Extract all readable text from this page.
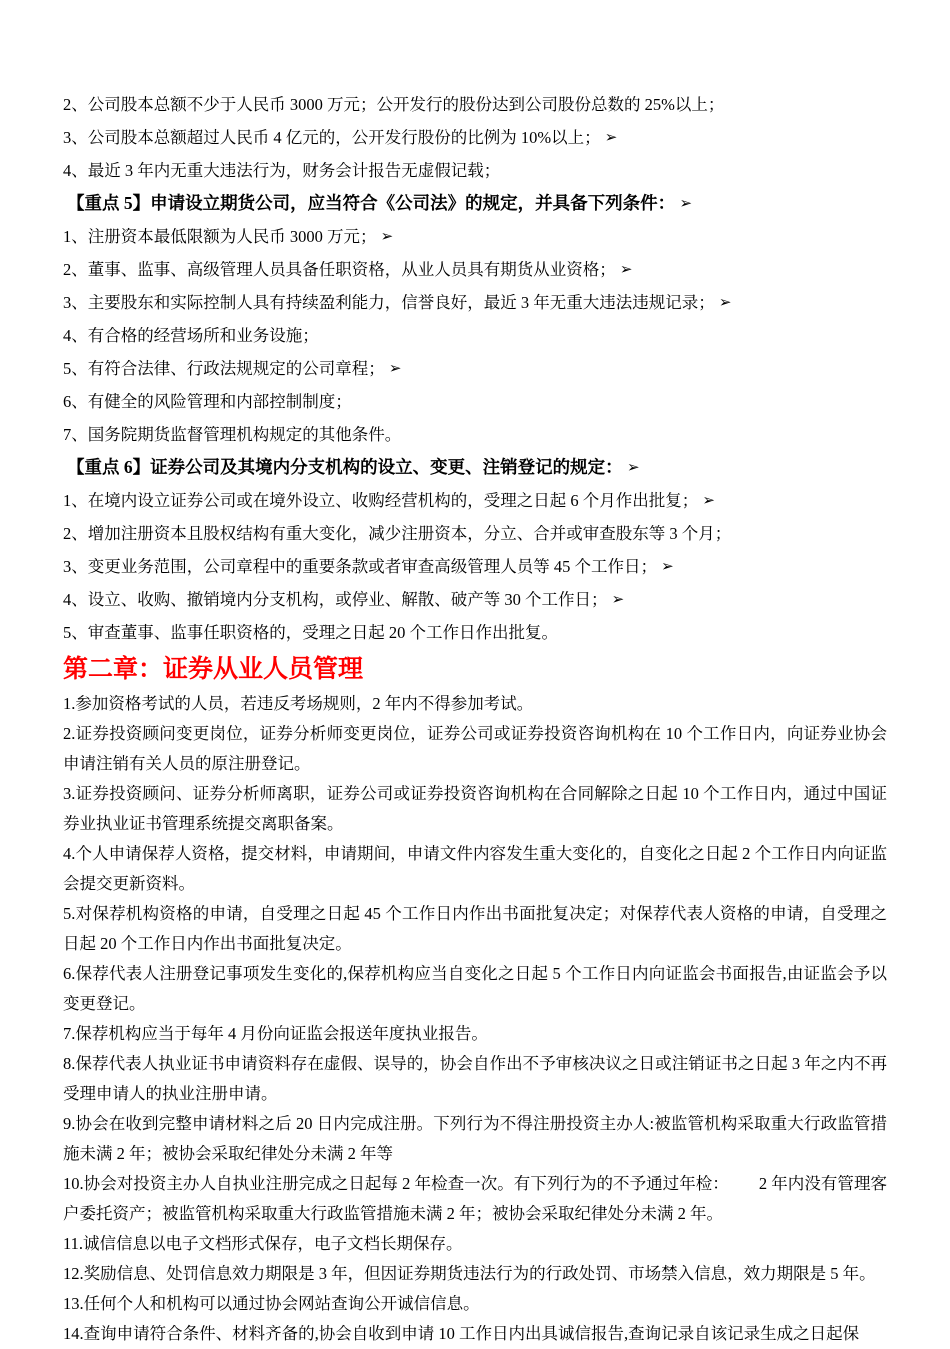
2、公司股本总额不少于人民币 3000 万元；公开发行的股份达到公司股份总数的 25%以上；
3、公司股本总额超过人民币 4 亿元的，公开发行股份的比例为 10%以上； ➢
4、最近 3 年内无重大违法行为，财务会计报告无虚假记载；
【重点 5】申请设立期货公司，应当符合《公司法》的规定，并具备下列条件： ➢
1、注册资本最低限额为人民币 3000 万元； ➢
2、董事、监事、高级管理人员具备任职资格，从业人员具有期货从业资格； ➢
3、主要股东和实际控制人具有持续盈利能力，信誉良好，最近 3 年无重大违法违规记录； ➢
4、有合格的经营场所和业务设施；
5、有符合法律、行政法规规定的公司章程； ➢
6、有健全的风险管理和内部控制制度；
7、国务院期货监督管理机构规定的其他条件。
【重点 6】证券公司及其境内分支机构的设立、变更、注销登记的规定： ➢
1、在境内设立证券公司或在境外设立、收购经营机构的，受理之日起 6 个月作出批复； ➢
2、增加注册资本且股权结构有重大变化，减少注册资本，分立、合并或审查股东等 3 个月；
3、变更业务范围，公司章程中的重要条款或者审查高级管理人员等 45 个工作日； ➢
4、设立、收购、撤销境内分支机构，或停业、解散、破产等 30 个工作日； ➢
5、审查董事、监事任职资格的，受理之日起 20 个工作日作出批复。
第二章：证券从业人员管理

1.参加资格考试的人员，若违反考场规则，2 年内不得参加考试。

2.证券投资顾问变更岗位，证券分析师变更岗位，证券公司或证券投资咨询机构在 10 个工作日内，向证券业协会申请注销有关人员的原注册登记。

3.证券投资顾问、证券分析师离职，证券公司或证券投资咨询机构在合同解除之日起 10 个工作日内，通过中国证券业执业证书管理系统提交离职备案。

4.个人申请保荐人资格，提交材料，申请期间，申请文件内容发生重大变化的，自变化之日起 2 个工作日内向证监会提交更新资料。

5.对保荐机构资格的申请，自受理之日起 45 个工作日内作出书面批复决定；对保荐代表人资格的申请，自受理之日起 20 个工作日内作出书面批复决定。

6.保荐代表人注册登记事项发生变化的,保荐机构应当自变化之日起 5 个工作日内向证监会书面报告,由证监会予以变更登记。

7.保荐机构应当于每年 4 月份向证监会报送年度执业报告。

8.保荐代表人执业证书申请资料存在虚假、误导的，协会自作出不予审核决议之日或注销证书之日起 3 年之内不再受理申请人的执业注册申请。

9.协会在收到完整申请材料之后 20 日内完成注册。下列行为不得注册投资主办人:被监管机构采取重大行政监管措施未满 2 年；被协会采取纪律处分未满 2 年等

10.协会对投资主办人自执业注册完成之日起每 2 年检查一次。有下列行为的不予通过年检： 2 年内没有管理客户委托资产；被监管机构采取重大行政监管措施未满 2 年；被协会采取纪律处分未满 2 年。

11.诚信信息以电子文档形式保存，电子文档长期保存。

12.奖励信息、处罚信息效力期限是 3 年，但因证券期货违法行为的行政处罚、市场禁入信息，效力期限是 5 年。

13.任何个人和机构可以通过协会网站查询公开诚信信息。

14.查询申请符合条件、材料齐备的,协会自收到申请 10 工作日内出具诚信报告,查询记录自该记录生成之日起保
